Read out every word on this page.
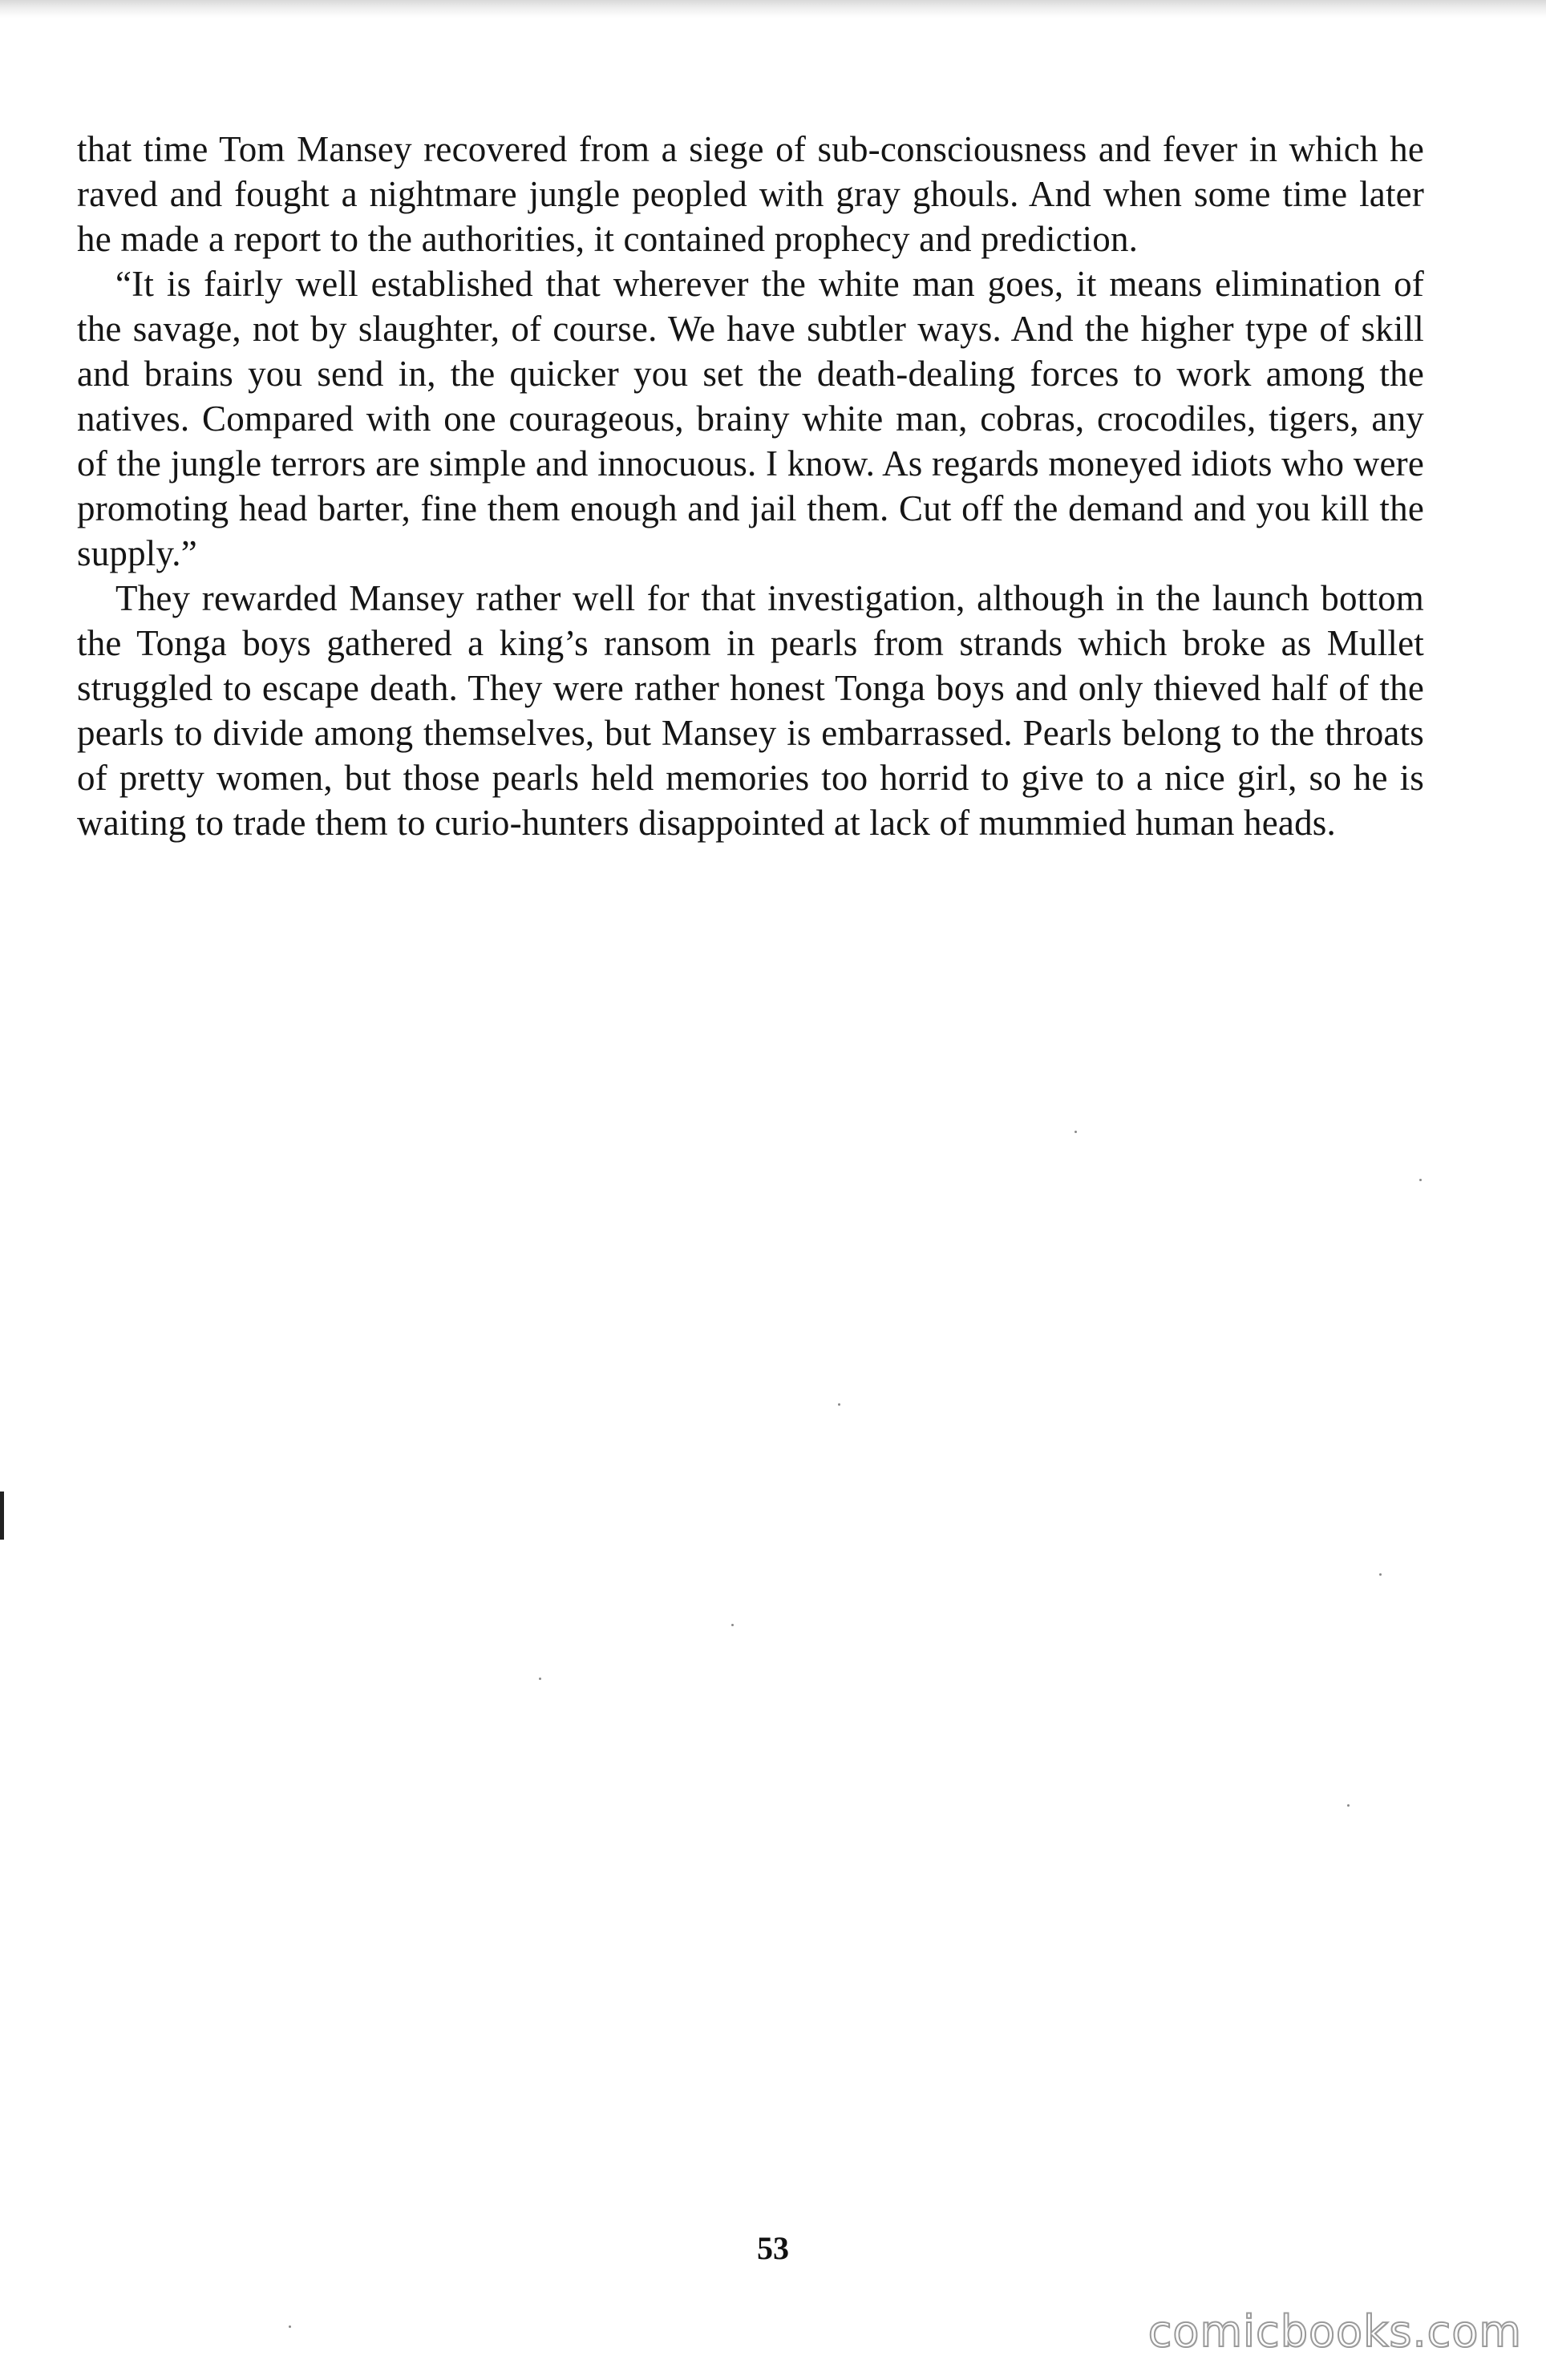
that time Tom Mansey recovered from a siege of sub-consciousness and fever in which he raved and fought a nightmare jungle peopled with gray ghouls. And when some time later he made a report to the authorities, it contained prophecy and prediction.

“It is fairly well established that wherever the white man goes, it means elimination of the savage, not by slaughter, of course. We have subtler ways. And the higher type of skill and brains you send in, the quicker you set the death-dealing forces to work among the natives. Compared with one courageous, brainy white man, cobras, crocodiles, tigers, any of the jungle terrors are simple and innocuous. I know. As regards moneyed idiots who were promoting head barter, fine them enough and jail them. Cut off the demand and you kill the supply.”

They rewarded Mansey rather well for that investigation, although in the launch bottom the Tonga boys gathered a king’s ransom in pearls from strands which broke as Mullet struggled to escape death. They were rather honest Tonga boys and only thieved half of the pearls to divide among themselves, but Mansey is embarrassed. Pearls belong to the throats of pretty women, but those pearls held memories too horrid to give to a nice girl, so he is waiting to trade them to curio-hunters disappointed at lack of mummied human heads.

53
comicbooks.com
